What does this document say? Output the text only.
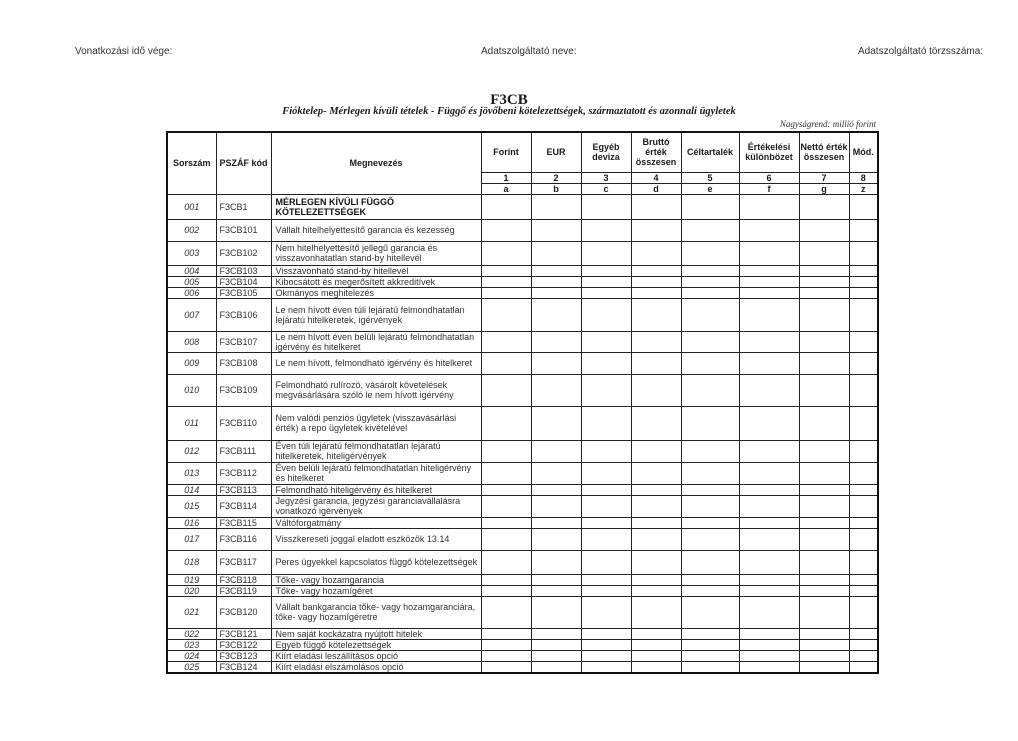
Vonatkozási idő vége:	Adatszolgáltató neve:	Adatszolgáltató törzsszáma:
F3CB
Fióktelep- Mérlegen kívüli tételek - Függő és jövőbeni kötelezettségek, származtatott és azonnali ügyletek
Nagyságrend: millió forint
Sorszám	PSZÁF kód	Megnevezés	Forint	EUR	Egyéb deviza	Bruttó érték összesen	Céltartalék	Értékelési különbözet	Nettó érték összesen	Mód.
			1	2	3	4	5	6	7	8
			a	b	c	d	e	f	g	z
001	F3CB1	MÉRLEGEN KÍVÜLI FÜGGŐ KÖTELEZETTSÉGEK								
002	F3CB101	Vállalt hitelhelyettesítő garancia és kezesség								
003	F3CB102	Nem hitelhelyettesítő jellegű garancia és visszavonhatatlan stand-by hitellevél								
004	F3CB103	Visszavonható stand-by hitellevél								
005	F3CB104	Kibocsátott és megerősített akkreditívek								
006	F3CB105	Okmányos meghitelezés								
007	F3CB106	Le nem hívott éven túli lejáratú felmondhatatlan lejáratú hitelkeretek, igérvények								
008	F3CB107	Le nem hívott éven belüli lejáratú felmondhatatlan igérvény és hitelkeret								
009	F3CB108	Le nem hívott, felmondható igérvény és hitelkeret								
010	F3CB109	Felmondható rulírozó, vásárolt követelések megvásárlására szóló le nem hívott igérvény								
011	F3CB110	Nem valódi penziós ügyletek (visszavásárlási érték) a repo ügyletek kivételével								
012	F3CB111	Éven túli lejáratú felmondhatatlan lejáratú hitelkeretek, hiteligérvények								
013	F3CB112	Éven belüli lejáratú felmondhatatlan hiteligérvény és hitelkeret								
014	F3CB113	Felmondható hiteligérvény és hitelkeret								
015	F3CB114	Jegyzési garancia, jegyzési garanciavállalásra vonatkozó igérvények								
016	F3CB115	Váltóforgatmány								
017	F3CB116	Visszkereseti joggal eladott eszközök 13.14								
018	F3CB117	Peres ügyekkel kapcsolatos függő kötelezettségek								
019	F3CB118	Tőke- vagy hozamgarancia								
020	F3CB119	Tőke- vagy hozamígéret								
021	F3CB120	Vállalt bankgarancia tőke- vagy hozamgaranciára, tőke- vagy hozamígéretre								
022	F3CB121	Nem saját kockázatra nyújtott hitelek								
023	F3CB122	Egyéb függő kötelezettségek								
024	F3CB123	Kiírt eladási leszállításos opció								
025	F3CB124	Kiírt eladási elszámolásos opció								
